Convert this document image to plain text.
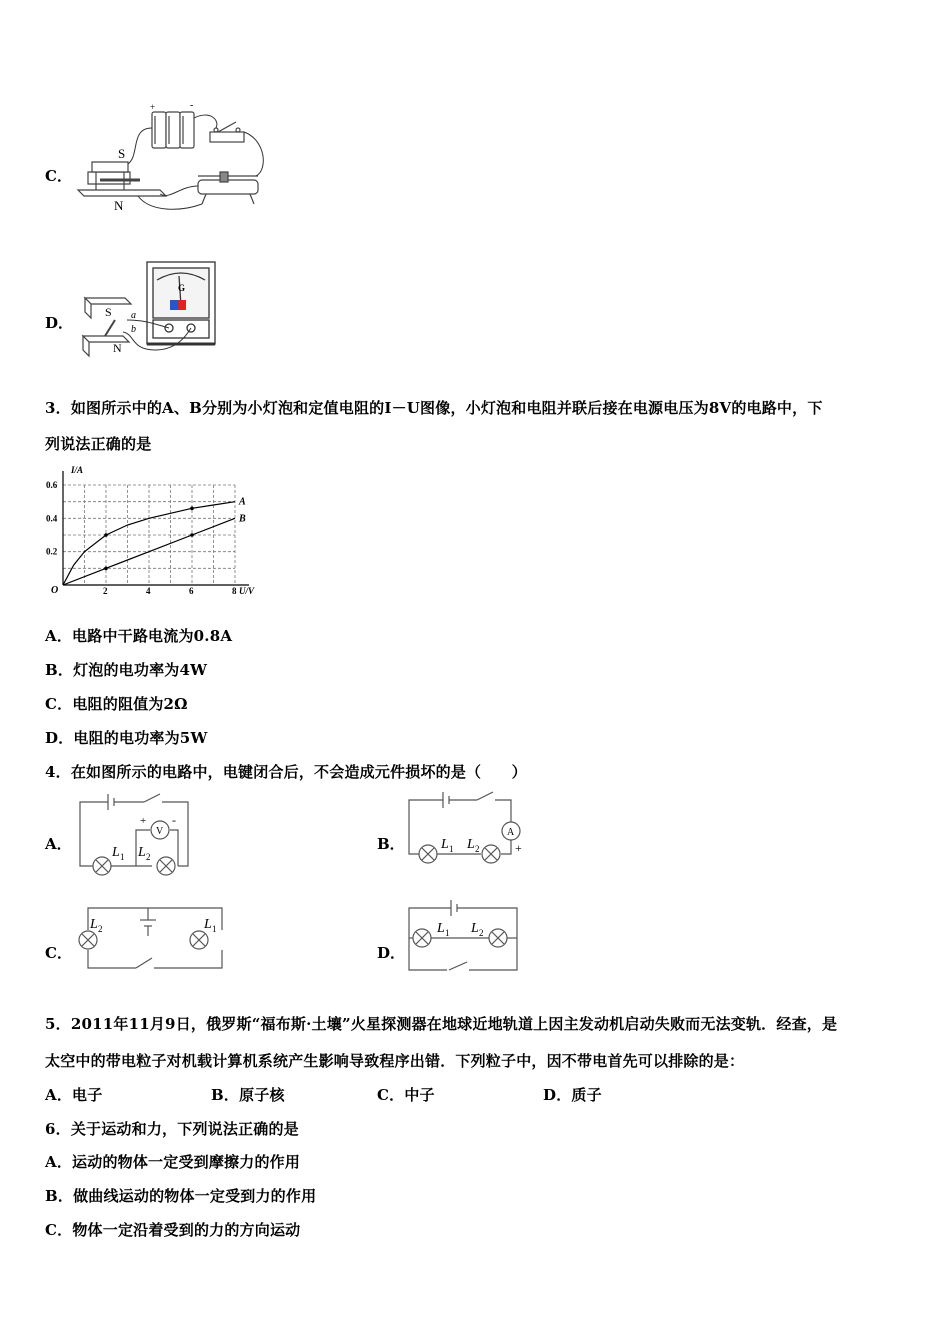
C．
+	-
S
N
D．
G
S
N
a
b
3．如图所示中的A、B分别为小灯泡和定值电阻的I－U图像，小灯泡和电阻并联后接在电源电压为8V的电路中，下
列说法正确的是
I/A
U/V
O	2	4	6	8
0.2
0.4
0.6
A
B
A．电路中干路电流为0.8A
B．灯泡的电功率为4W
C．电阻的阻值为2Ω
D．电阻的电功率为5W
4．在如图所示的电路中，电键闭合后，不会造成元件损坏的是（　　）
A．
V
+ -
L 1 L 2
B．
A
+
L 1 L 2
C．
L 2	L 1
D．
L 1 L 2
5．2011年11月9日，俄罗斯“福布斯·土壤”火星探测器在地球近地轨道上因主发动机启动失败而无法变轨．经查，是
太空中的带电粒子对机载计算机系统产生影响导致程序出错．下列粒子中，因不带电首先可以排除的是：
A．电子	B．原子核	C．中子	D．质子
6．关于运动和力，下列说法正确的是
A．运动的物体一定受到摩擦力的作用
B．做曲线运动的物体一定受到力的作用
C．物体一定沿着受到的力的方向运动
